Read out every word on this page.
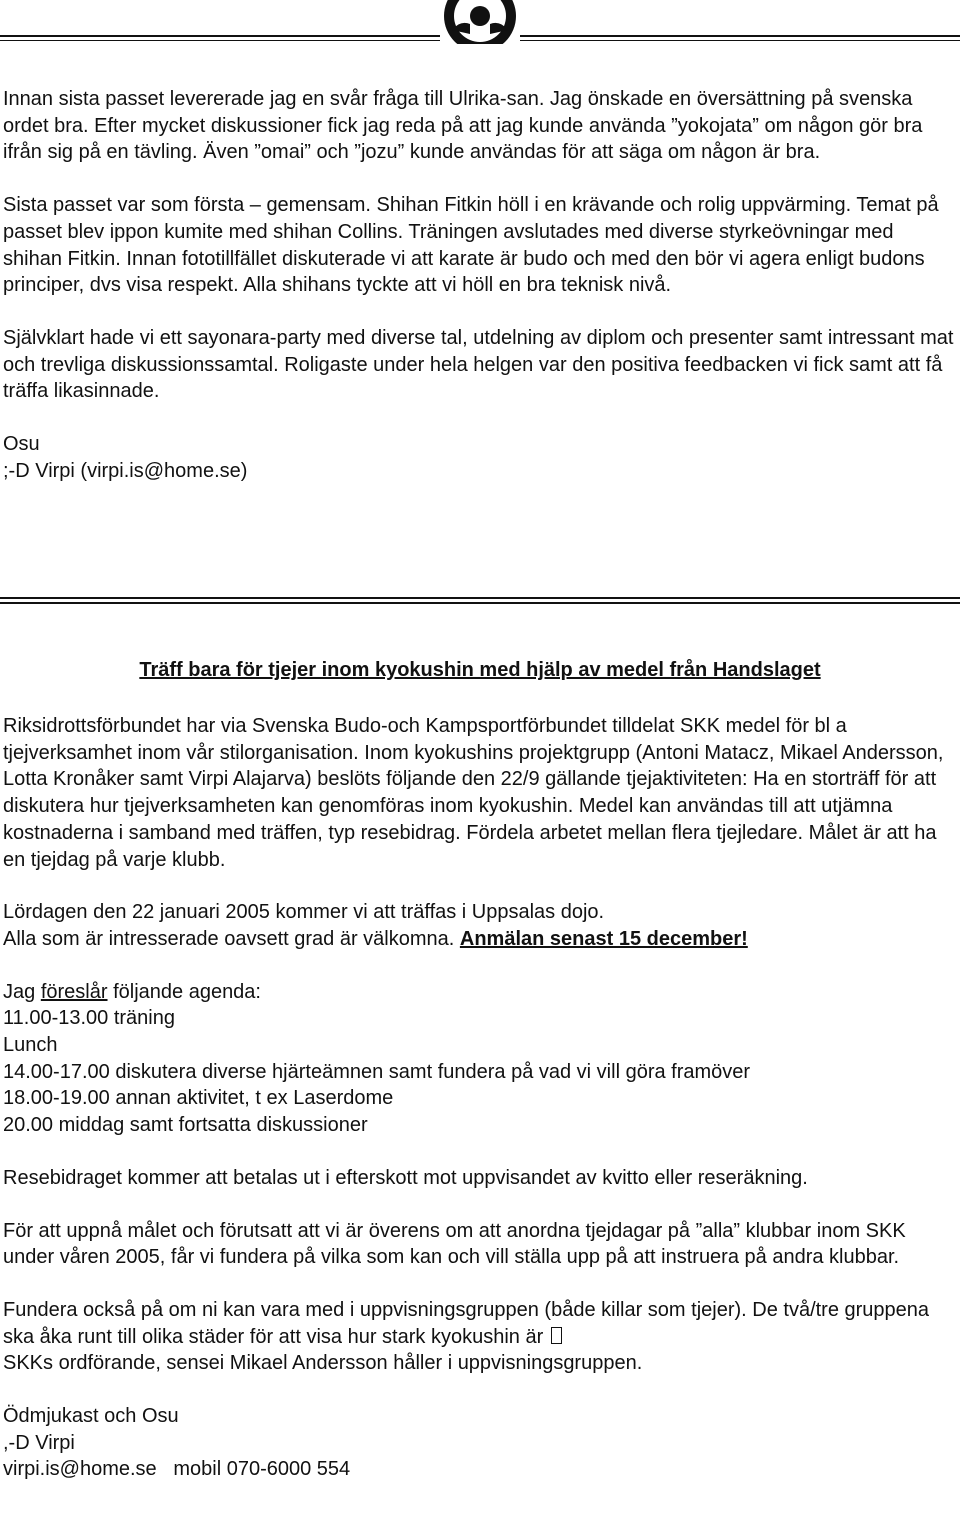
Innan sista passet levererade jag en svår fråga till Ulrika-san. Jag önskade en översättning på svenska ordet bra. Efter mycket diskussioner fick jag reda på att jag kunde använda ”yokojata” om någon gör bra ifrån sig på en tävling. Även ”omai” och ”jozu” kunde användas för att säga om någon är bra.

Sista passet var som första – gemensam. Shihan Fitkin höll i en krävande och rolig uppvärming. Temat på passet blev ippon kumite med shihan Collins. Träningen avslutades med diverse styrkeövningar med shihan Fitkin. Innan fototillfället diskuterade vi att karate är budo och med den bör vi agera enligt budons principer, dvs visa respekt. Alla shihans tyckte att vi höll en bra teknisk nivå.

Självklart hade vi ett sayonara-party med diverse tal, utdelning av diplom och presenter samt intressant mat och trevliga diskussionssamtal. Roligaste under hela helgen var den positiva feedbacken vi fick samt att få träffa likasinnade.

Osu

;-D Virpi (virpi.is@home.se)

Träff bara för tjejer inom kyokushin med hjälp av medel från Handslaget

Riksidrottsförbundet har via Svenska Budo-och Kampsportförbundet tilldelat SKK medel för bl a tjejverksamhet inom vår stilorganisation. Inom kyokushins projektgrupp (Antoni Matacz, Mikael Andersson, Lotta Kronåker samt Virpi Alajarva) beslöts följande den 22/9 gällande tjejaktiviteten: Ha en storträff för att diskutera hur tjejverksamheten kan genomföras inom kyokushin. Medel kan användas till att utjämna kostnaderna i samband med träffen, typ resebidrag. Fördela arbetet mellan flera tjejledare. Målet är att ha en tjejdag på varje klubb.

Lördagen den 22 januari 2005 kommer vi att träffas i Uppsalas dojo.

Alla som är intresserade oavsett grad är välkomna. Anmälan senast 15 december!

Jag föreslår följande agenda:

11.00-13.00 träning

Lunch

14.00-17.00 diskutera diverse hjärteämnen samt fundera på vad vi vill göra framöver

18.00-19.00 annan aktivitet, t ex Laserdome

20.00 middag samt fortsatta diskussioner

Resebidraget kommer att betalas ut i efterskott mot uppvisandet av kvitto eller reseräkning.

För att uppnå målet och förutsatt att vi är överens om att anordna tjejdagar på ”alla” klubbar inom SKK under våren 2005, får vi fundera på vilka som kan och vill ställa upp på att instruera på andra klubbar.

Fundera också på om ni kan vara med i uppvisningsgruppen (både killar som tjejer). De två/tre gruppena ska åka runt till olika städer för att visa hur stark kyokushin är

SKKs ordförande, sensei Mikael Andersson håller i uppvisningsgruppen.

Ödmjukast och Osu

,-D Virpi

virpi.is@home.se   mobil 070-6000 554
